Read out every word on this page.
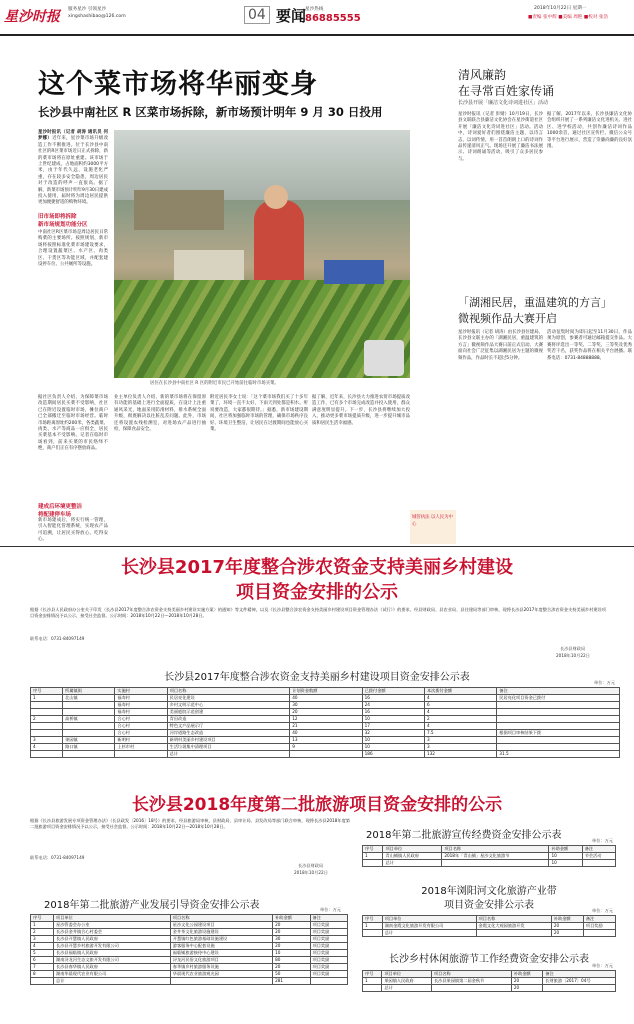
星沙时报 服务星沙 引领星沙
xingshashibao@126.com	04 要闻
星沙热线
86885555
2018年10月22日 星期一
■责编 张中辉 ■美编 周艳 ■校对 张浩
这个菜市场将华丽变身
长沙县中南社区 R 区菜市场拆除，新市场预计明年 9 月 30 日投用
星沙时报讯（记者 胡涛 通讯员 何梦娜）近年来，星沙菜市场升级改造工作不断推进。位于长沙县中南社区的R区菜市场近日正式拆除，新的菜市场将在原址重建。该市场于上世纪建成，占地面积约3000平方米，由于年代久远，设施老化严重，存在较多安全隐患，周边居民对于改造的呼声一直很高。据了解，新菜市场预计明年9月30日建成投入使用，届时将为周边居民提供更加便捷舒适的购物环境。
旧市场即将拆除
新市场规划功能分区
中南社区R区菜市场是周边居民日常购菜的主要场所。按照规划，新市场将按照标准化菜市场建设要求，合理设置蔬菜区、水产区、肉类区、干货区等功能区域，并配套建设停车位、公共厕所等设施。
据社区负责人介绍，为保障菜市场改造期间居民买菜不受影响，社区已在附近设置临时市场，摊位商户已全部搬迁至临时市场经营。临时市场距离原址约200米，各类蔬菜、肉类、水产等商品一应俱全，居民买菜基本不受影响。记者在临时市场看到，前来买菜的市民络绎不绝，商户们正在有序摆放商品。
建成后环境更整洁
将配建停车场
新市场建成后，将实行统一管理，引入智能化管理系统，实现农产品可追溯，让居民买得放心、吃得安心。
居住在长沙县中南社区 R 区的附近市民已开始前往临时市场买菜。
业主单位负责人介绍，新的菜市场将在保留原有功能的基础上进行全面提质，在设计上注重通风采光，地面采用防滑材料，排水系统全面升级，彻底解决以往脏乱差问题。此外，市场还将设置农残检测室，对进场农产品进行抽检，保障食品安全。
附近居民李女士说：「这个菜市场我们买了十多年菜了，环境一直不太好，下雨天到处都是积水。听说要改造，大家都很期待。」据悉，新市场建设期间，社区将加强临时市场的管理，确保市场秩序良好、环境卫生整洁，让居民在过渡期间也能放心买菜。
据了解，近年来，长沙县大力推进农贸市场提质改造工作，已有多个市场完成改造并投入使用，群众满意度明显提升。下一步，长沙县将继续加大投入，推动更多菜市场提质升级，进一步提升城市品质和居民生活幸福感。
清风廉韵
在寻常百姓家传诵
长沙县开展「廉洁文化诗词进社区」活动
星沙时报讯（记者 彭婧）10月19日，长沙县文联联合县廉洁文化协会在星沙街道社区开展「廉洁文化诗词进社区」活动。活动中，诗词爱好者们围绕廉洁主题，以诗言志，以词传情，用一首首朗朗上口的诗词作品传递清风正气。现场还开展了廉洁书法展示、诗词朗诵等活动，吸引了众多居民参与。
据了解，2017年以来，长沙县廉洁文化协会组织开展了一系列廉洁文化进机关、进社区、进学校活动，共创作廉洁诗词作品1000余首，通过社区宣传栏、微信公众号等平台进行展示，营造了崇廉尚廉的良好氛围。
「湖湘民居，重温建筑的方言」
微视频作品大赛开启
星沙时报讯（记者 胡涛）由长沙县住建局、长沙县文联主办的「湖湘民居，重温建筑的方言」微视频作品大赛日前正式启动。大赛面向社会广泛征集以湖湘民居为主题的微视频作品，作品时长不超过5分钟。
活动征集时间为即日起至11月30日，作品须为原创，参赛者可通过邮箱提交作品。大赛将评选出一等奖、二等奖、三等奖及优秀奖若干名，获奖作品将在相关平台展播。联系电话：0731-84888888。
城管执法 以人民为中心
长沙县2017年度整合涉农资金支持美丽乡村建设
项目资金安排的公示
根据《长沙县人民政府办公室关于印发〈长沙县2017年度整合涉农资金支持美丽乡村建设实施方案〉的通知》等文件精神，以及《长沙县整合涉农资金支持美丽乡村建设项目资金管理办法（试行）》的要求，经县财政局、县农业局、县住建局等部门审核，现将长沙县2017年度整合涉农资金支持美丽乡村建设项目资金安排情况予以公示，接受社会监督。公示时间：2018年10月22日—2018年10月28日。
联系电话：0731-84097149
长沙县财政局
2018年10月22日
长沙县2017年度整合涉农资金支持美丽乡村建设项目资金安排公示表	单位：万元
序号	所属镇街	实施村	项目名称	计划资金数额	已拨付金额	本次拨付金额	备注
1	北山镇	福寿村	民居亮化建设	40	16	4	民居亮化项目资金已拨付
		福寿村	乡村文明示范中心	30	24	6	
		福寿村	美丽庭院示范创建	20	16	4	
2	高桥镇	合心村	青田改造	12	10	2	
		合心村	特色文产品展示厅	21	17	4	
		合心村	河岸道路生态改造	40	32	7.5	根据项目审核结果下拨
3	果园镇	新明村	新明村美丽乡村建设项目	13	10	3	
4	路口镇	上杉市村	生活垃圾集中清理项目	9	10	3	
			总计		186	132	31.5
长沙县2018年度第二批旅游项目资金安排的公示
根据《长沙县旅游发展专项资金管理办法》（长县政发〔2016〕18号）的要求，经县旅游局审核，县财政局、县审计局、县发改局等部门联合审核，现将长沙县2018年度第二批旅游项目资金安排情况予以公示，接受社会监督。公示时间：2018年10月22日—2018年10月28日。
联系电话：0731-84097149
长沙县财政局
2018年10月22日
2018年第二批旅游产业发展引导资金安排公示表	单位：万元
序号	项目单位	项目名称	补助金额	备注
1	星沙管委会办公室	星沙文化公园建设项目	20	项目奖励
2	长沙县金井镇合心村委会	金井茶文化旅游设施建设	20	项目奖励
3	长沙县开慧镇人民政府	开慧镇红色旅游基础设施建设	30	项目奖励
4	长沙县开慧乡村旅游开发有限公司	游客服务中心配套设施	20	项目奖励
5	长沙县福临镇人民政府	福临铺旅游接待中心建设	10	项目奖励
6	湖南浔龙河生态文旅开发有限公司	浔龙河民俗文化旅游项目	80	项目奖励
7	长沙县春华镇人民政府	春华镇乡村旅游服务设施	20	项目奖励
8	湖南华晨现代农业有限公司	华晨现代农业旅游观光园	50	项目奖励
	总计		281	
2018年第二批旅游宣传经费资金安排公示表	单位：万元
序号	项目单位	项目名称	补助金额	备注
1	青山铺镇人民政府	2018年「青山铺」星沙文化旅游节	10	节会活动
	总计		10	
2018年浏阳河文化旅游产业带
项目资金安排公示表	单位：万元
序号	项目单位	项目名称	补助金额	备注
1	湖南金霞文化旅游开发有限公司	金霞文化大观园旅游开发	20	项目奖励
	总计		20	
长沙乡村休闲旅游节工作经费资金安排公示表
单位：万元
序号	项目单位	项目名称	补助金额	备注
1	果园镇人民政府	长沙县果园镇第二届金秋节	20	长财旅游〔2017〕04号
	总计		20	
